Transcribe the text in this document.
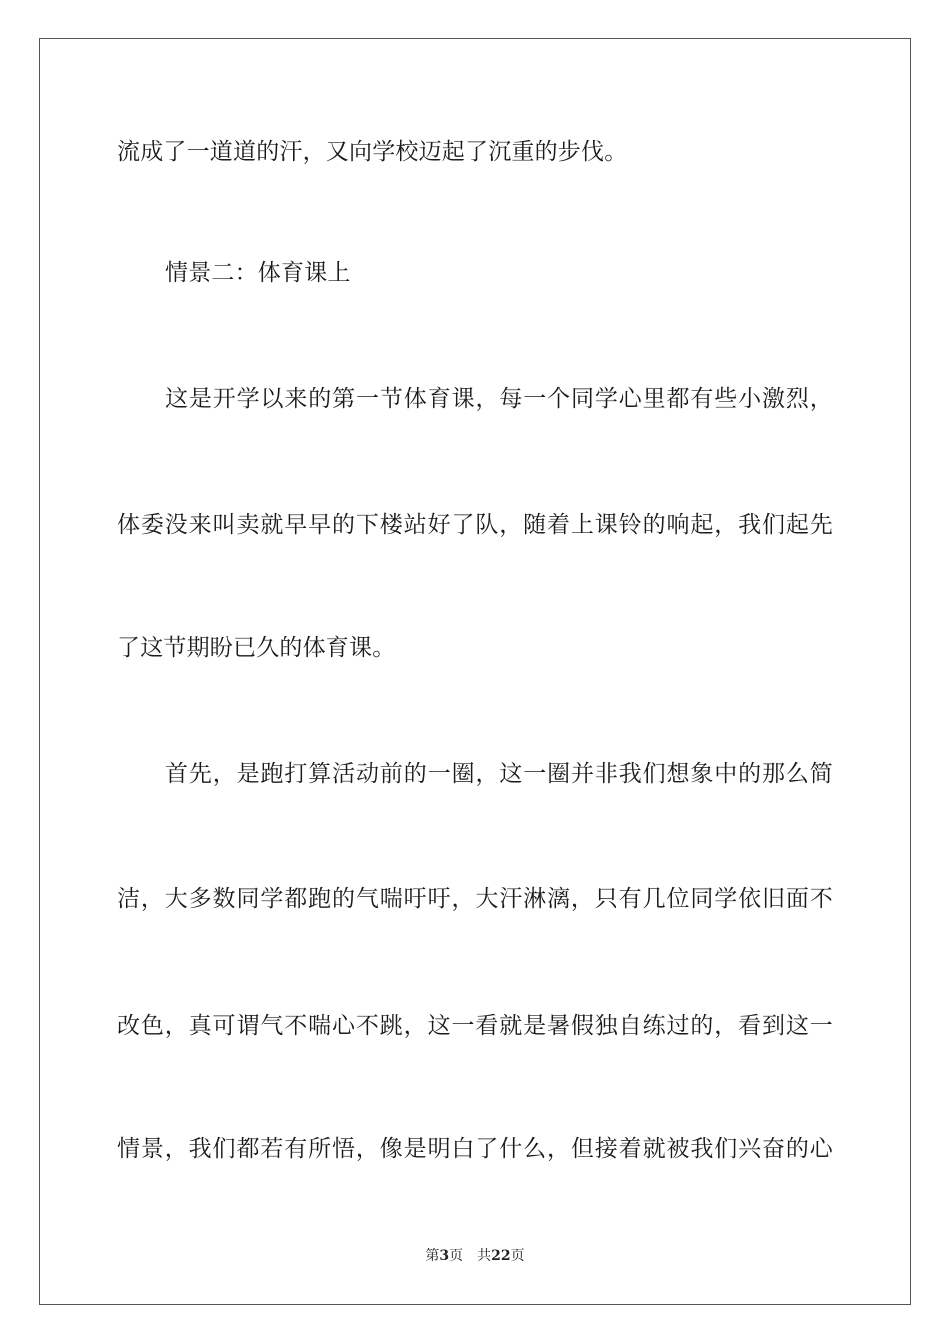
流成了一道道的汗，又向学校迈起了沉重的步伐。
情景二：体育课上
这是开学以来的第一节体育课，每一个同学心里都有些小激烈，
体委没来叫卖就早早的下楼站好了队，随着上课铃的响起，我们起先
了这节期盼已久的体育课。
首先，是跑打算活动前的一圈，这一圈并非我们想象中的那么简
洁，大多数同学都跑的气喘吁吁，大汗淋漓，只有几位同学依旧面不
改色，真可谓气不喘心不跳，这一看就是暑假独自练过的，看到这一
情景，我们都若有所悟，像是明白了什么，但接着就被我们兴奋的心
第3页 共22页
